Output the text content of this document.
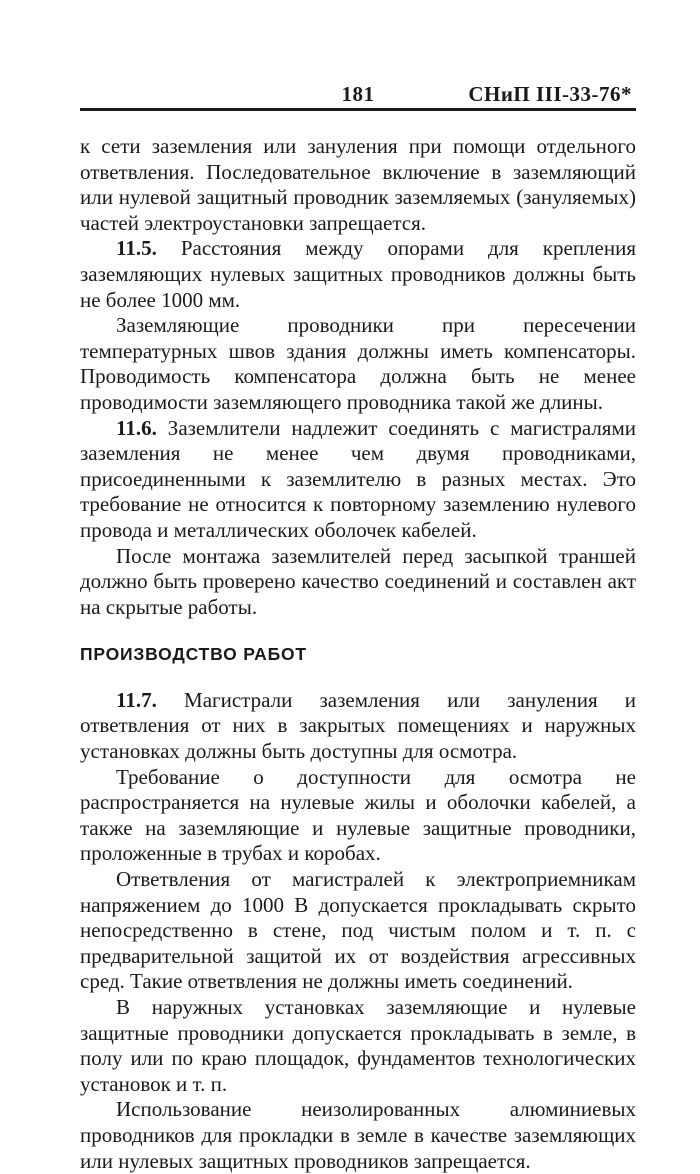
181	СНиП III-33-76*

к сети заземления или зануления при помощи отдельного ответвления. Последовательное включение в заземляющий или нулевой защитный проводник заземляемых (зануляемых) частей электроустановки запрещается.

11.5. Расстояния между опорами для крепления заземляющих нулевых защитных проводников должны быть не более 1000 мм.

Заземляющие проводники при пересечении температурных швов здания должны иметь компенсаторы. Проводимость компенсатора должна быть не менее проводимости заземляющего проводника такой же длины.

11.6. Заземлители надлежит соединять с магистралями заземления не менее чем двумя проводниками, присоединенными к заземлителю в разных местах. Это требование не относится к повторному заземлению нулевого провода и металлических оболочек кабелей.

После монтажа заземлителей перед засыпкой траншей должно быть проверено качество соединений и составлен акт на скрытые работы.

ПРОИЗВОДСТВО РАБОТ

11.7. Магистрали заземления или зануления и ответвления от них в закрытых помещениях и наружных установках должны быть доступны для осмотра.

Требование о доступности для осмотра не распространяется на нулевые жилы и оболочки кабелей, а также на заземляющие и нулевые защитные проводники, проложенные в трубах и коробах.

Ответвления от магистралей к электроприемникам напряжением до 1000 В допускается прокладывать скрыто непосредственно в стене, под чистым полом и т. п. с предварительной защитой их от воздействия агрессивных сред. Такие ответвления не должны иметь соединений.

В наружных установках заземляющие и нулевые защитные проводники допускается прокладывать в земле, в полу или по краю площадок, фундаментов технологических установок и т. п.

Использование неизолированных алюминиевых проводников для прокладки в земле в качестве заземляющих или нулевых защитных проводников запрещается.
